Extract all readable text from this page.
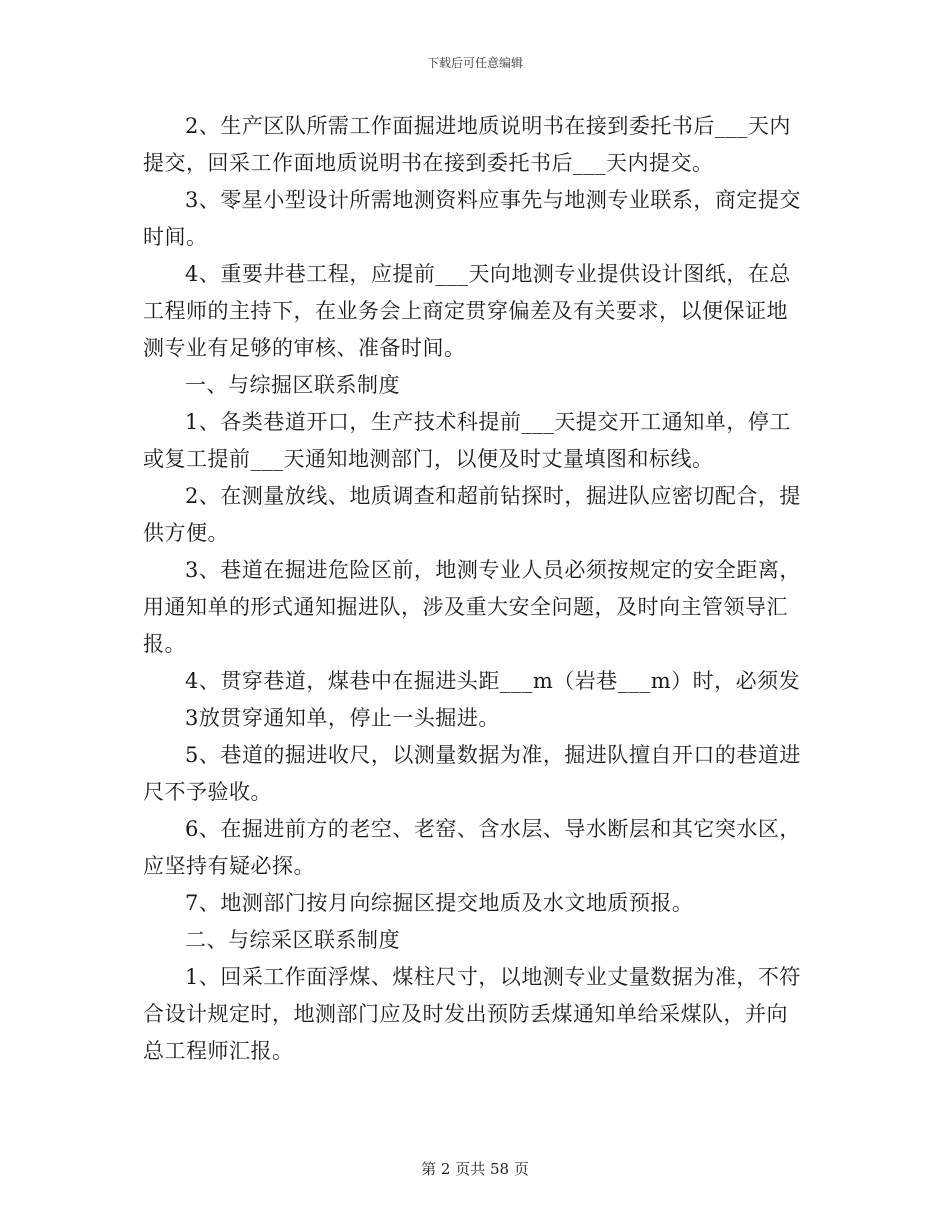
下载后可任意编辑

2、生产区队所需工作面掘进地质说明书在接到委托书后___天内提交，回采工作面地质说明书在接到委托书后___天内提交。

3、零星小型设计所需地测资料应事先与地测专业联系，商定提交时间。

4、重要井巷工程，应提前___天向地测专业提供设计图纸，在总工程师的主持下，在业务会上商定贯穿偏差及有关要求，以便保证地测专业有足够的审核、准备时间。

一、与综掘区联系制度

1、各类巷道开口，生产技术科提前___天提交开工通知单，停工或复工提前___天通知地测部门，以便及时丈量填图和标线。

2、在测量放线、地质调查和超前钻探时，掘进队应密切配合，提供方便。

3、巷道在掘进危险区前，地测专业人员必须按规定的安全距离，用通知单的形式通知掘进队，涉及重大安全问题，及时向主管领导汇报。

4、贯穿巷道，煤巷中在掘进头距___m（岩巷___m）时，必须发

3放贯穿通知单，停止一头掘进。

5、巷道的掘进收尺，以测量数据为准，掘进队擅自开口的巷道进尺不予验收。

6、在掘进前方的老空、老窑、含水层、导水断层和其它突水区，应坚持有疑必探。

7、地测部门按月向综掘区提交地质及水文地质预报。

二、与综采区联系制度

1、回采工作面浮煤、煤柱尺寸，以地测专业丈量数据为准，不符合设计规定时，地测部门应及时发出预防丢煤通知单给采煤队，并向总工程师汇报。

第 2 页共 58 页
